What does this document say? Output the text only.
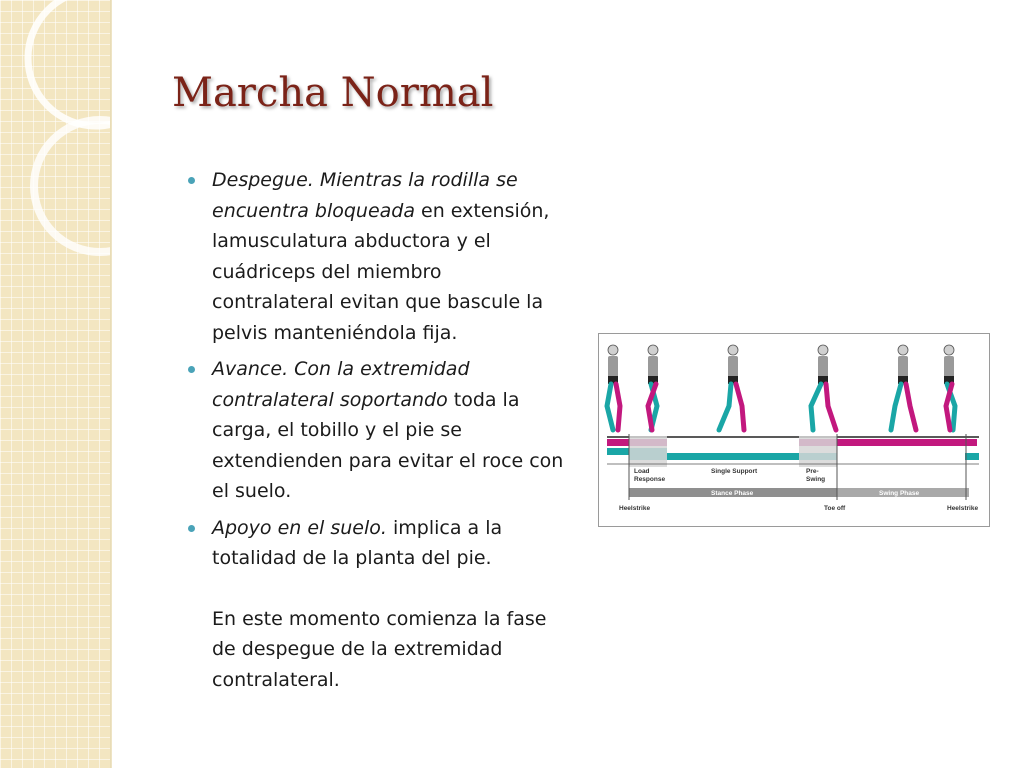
Marcha Normal

Despegue. Mientras la rodilla se encuentra bloqueada en extensión, lamusculatura abductora y el cuádriceps del miembro contralateral evitan que bascule la pelvis manteniéndola fija.

Avance. Con la extremidad contralateral soportando toda la carga, el tobillo y el pie se extendienden para evitar el roce con el suelo.

Apoyo en el suelo. implica a la totalidad de la planta del pie.

En este momento comienza la fase de despegue de la extremidad contralateral.

Load
Response
Single Support	Pre-
Swing
Stance Phase	Swing Phase
Heelstrike	Toe off	Heelstrike
